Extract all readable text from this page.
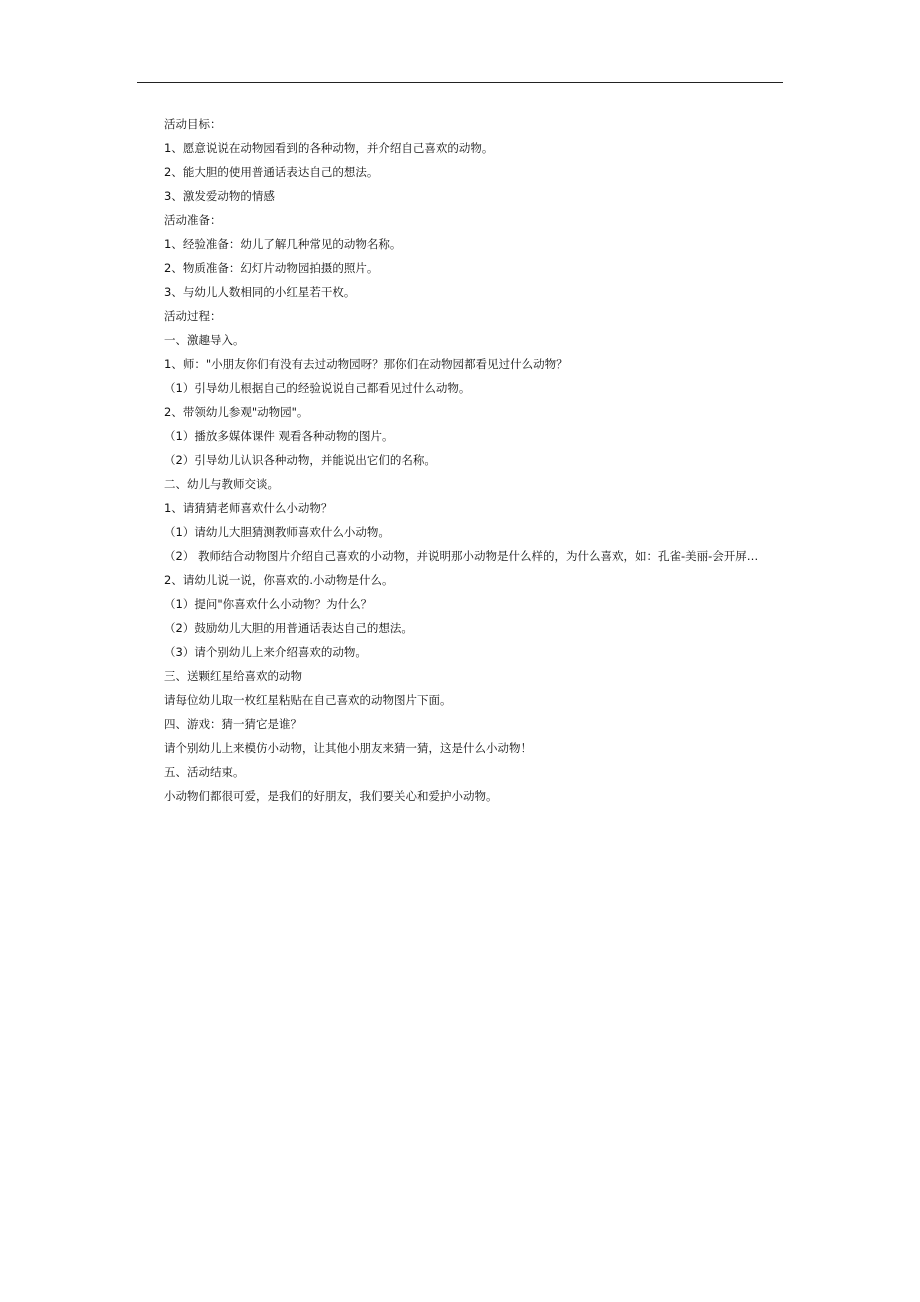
活动目标：
1、愿意说说在动物园看到的各种动物，并介绍自己喜欢的动物。
2、能大胆的使用普通话表达自己的想法。
3、激发爱动物的情感
活动准备：
1、经验准备：幼儿了解几种常见的动物名称。
2、物质准备：幻灯片动物园拍摄的照片。
3、与幼儿人数相同的小红星若干枚。
活动过程：
一、激趣导入。
1、师："小朋友你们有没有去过动物园呀？那你们在动物园都看见过什么动物？
（1）引导幼儿根据自己的经验说说自己都看见过什么动物。
2、带领幼儿参观"动物园"。
（1）播放多媒体课件 观看各种动物的图片。
（2）引导幼儿认识各种动物，并能说出它们的名称。
二、幼儿与教师交谈。
1、请猜猜老师喜欢什么小动物？
（1）请幼儿大胆猜测教师喜欢什么小动物。
（2） 教师结合动物图片介绍自己喜欢的小动物，并说明那小动物是什么样的，为什么喜欢，如：孔雀-美丽-会开屏…
2、请幼儿说一说，你喜欢的.小动物是什么。
（1）提问"你喜欢什么小动物？为什么？
（2）鼓励幼儿大胆的用普通话表达自己的想法。
（3）请个别幼儿上来介绍喜欢的动物。
三、送颗红星给喜欢的动物
请每位幼儿取一枚红星粘贴在自己喜欢的动物图片下面。
四、游戏：猜一猜它是谁？
请个别幼儿上来模仿小动物，让其他小朋友来猜一猜，这是什么小动物！
五、活动结束。
小动物们都很可爱，是我们的好朋友，我们要关心和爱护小动物。
